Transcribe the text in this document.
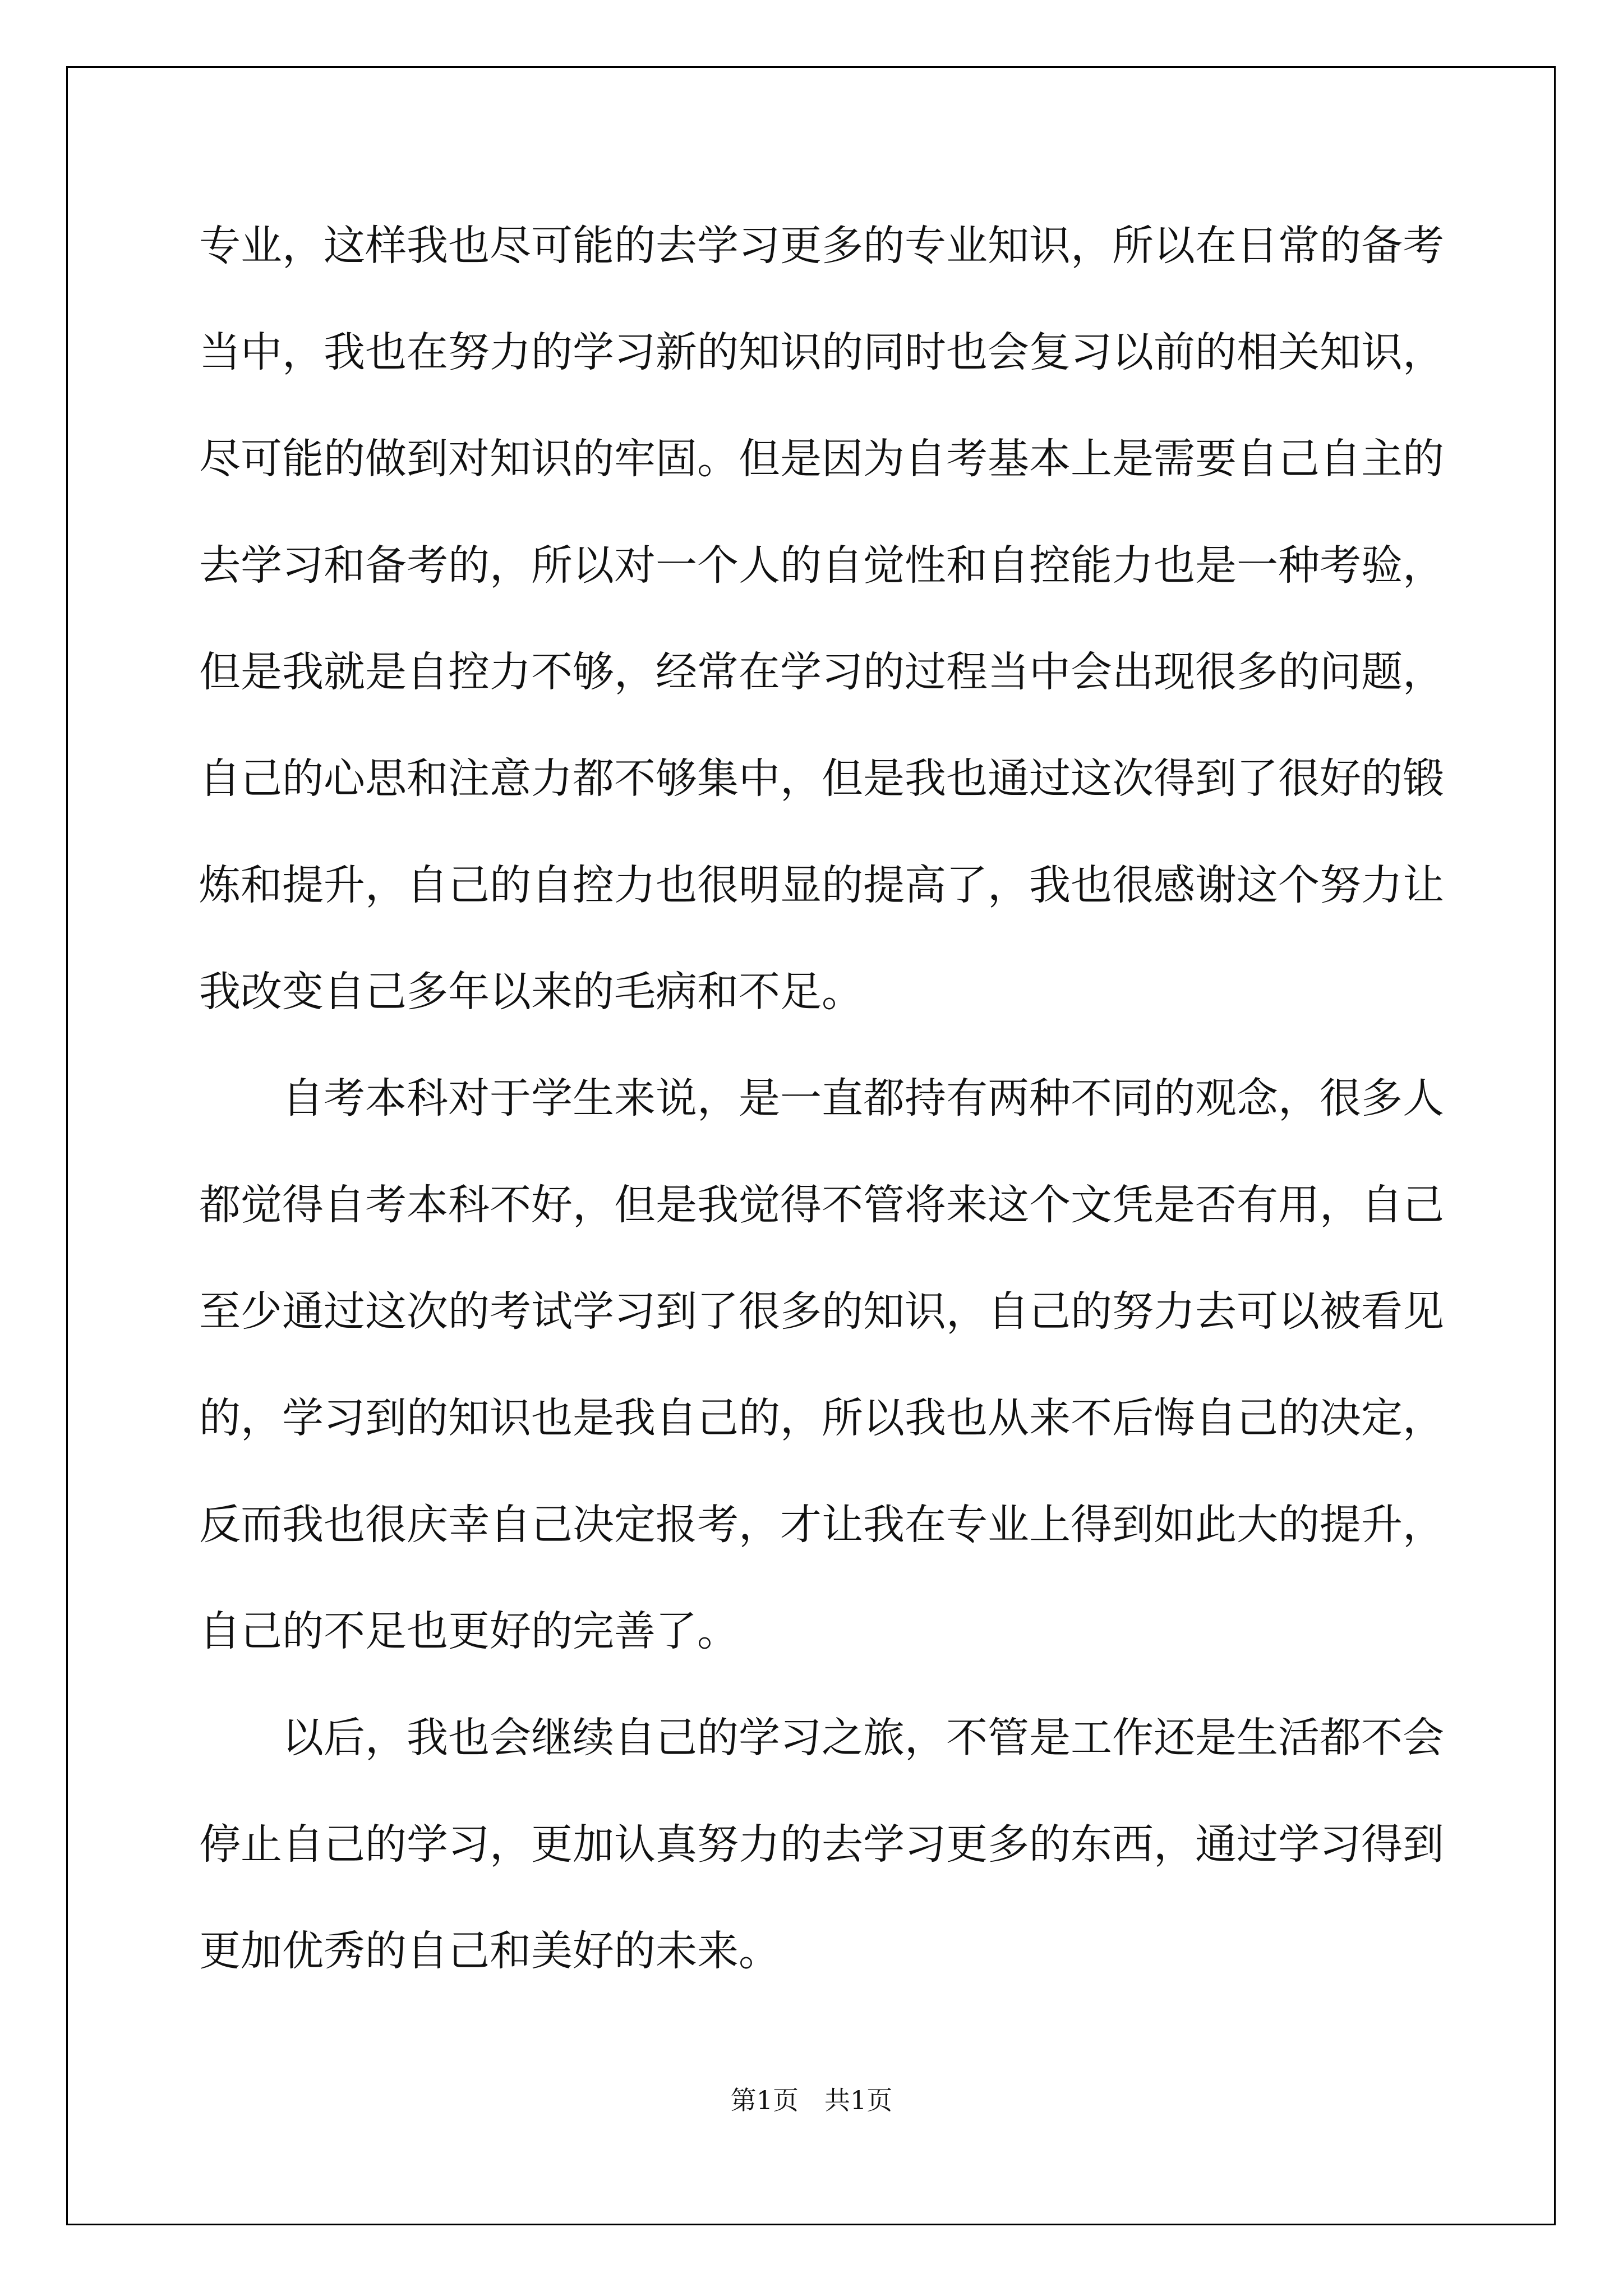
专业，这样我也尽可能的去学习更多的专业知识，所以在日常的备考
当中，我也在努力的学习新的知识的同时也会复习以前的相关知识，
尽可能的做到对知识的牢固。但是因为自考基本上是需要自己自主的
去学习和备考的，所以对一个人的自觉性和自控能力也是一种考验，
但是我就是自控力不够，经常在学习的过程当中会出现很多的问题，
自己的心思和注意力都不够集中，但是我也通过这次得到了很好的锻
炼和提升，自己的自控力也很明显的提高了，我也很感谢这个努力让
我改变自己多年以来的毛病和不足。
自考本科对于学生来说，是一直都持有两种不同的观念，很多人
都觉得自考本科不好，但是我觉得不管将来这个文凭是否有用，自己
至少通过这次的考试学习到了很多的知识，自己的努力去可以被看见
的，学习到的知识也是我自己的，所以我也从来不后悔自己的决定，
反而我也很庆幸自己决定报考，才让我在专业上得到如此大的提升，
自己的不足也更好的完善了。
以后，我也会继续自己的学习之旅，不管是工作还是生活都不会
停止自己的学习，更加认真努力的去学习更多的东西，通过学习得到
更加优秀的自己和美好的未来。
第1页　共1页
